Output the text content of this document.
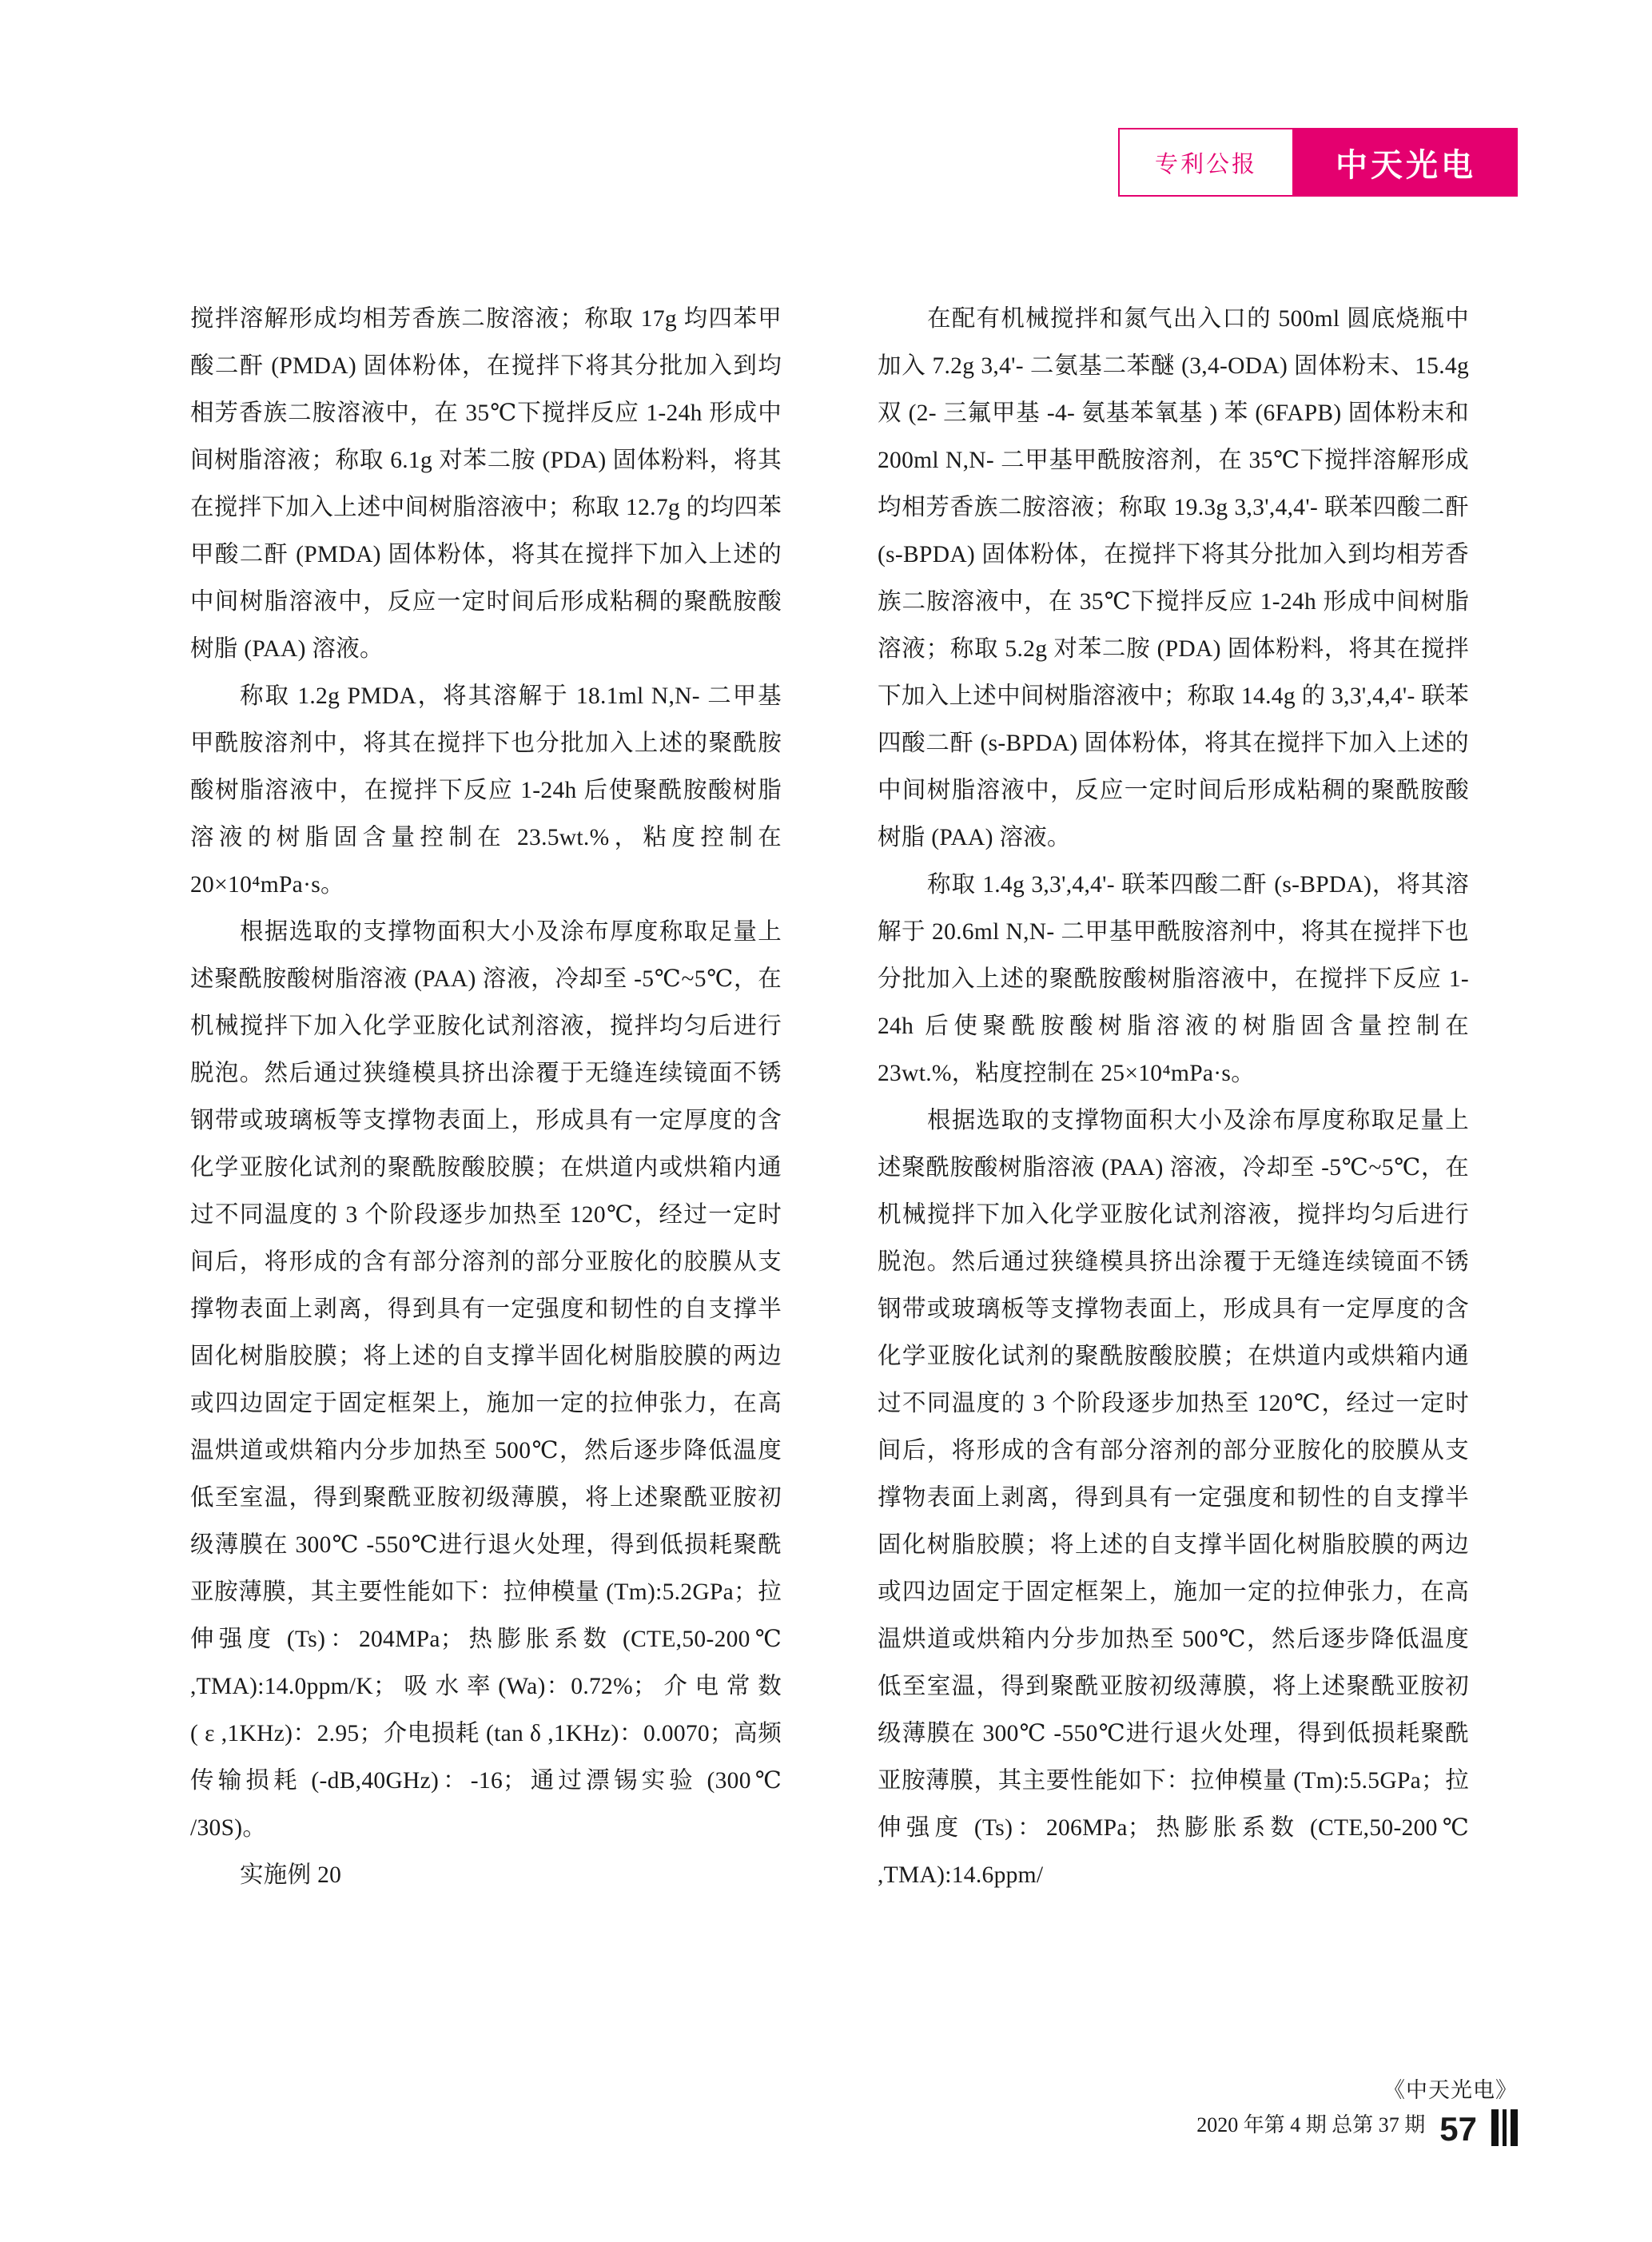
专利公报	中天光电

搅拌溶解形成均相芳香族二胺溶液；称取 17g 均四苯甲酸二酐 (PMDA) 固体粉体，在搅拌下将其分批加入到均相芳香族二胺溶液中，在 35℃下搅拌反应 1-24h 形成中间树脂溶液；称取 6.1g 对苯二胺 (PDA) 固体粉料，将其在搅拌下加入上述中间树脂溶液中；称取 12.7g 的均四苯甲酸二酐 (PMDA) 固体粉体，将其在搅拌下加入上述的中间树脂溶液中，反应一定时间后形成粘稠的聚酰胺酸树脂 (PAA) 溶液。

称取 1.2g PMDA，将其溶解于 18.1ml N,N- 二甲基甲酰胺溶剂中，将其在搅拌下也分批加入上述的聚酰胺酸树脂溶液中，在搅拌下反应 1-24h 后使聚酰胺酸树脂溶液的树脂固含量控制在 23.5wt.%，粘度控制在 20×10⁴mPa·s。

根据选取的支撑物面积大小及涂布厚度称取足量上述聚酰胺酸树脂溶液 (PAA) 溶液，冷却至 -5℃~5℃，在机械搅拌下加入化学亚胺化试剂溶液，搅拌均匀后进行脱泡。然后通过狭缝模具挤出涂覆于无缝连续镜面不锈钢带或玻璃板等支撑物表面上，形成具有一定厚度的含化学亚胺化试剂的聚酰胺酸胶膜；在烘道内或烘箱内通过不同温度的 3 个阶段逐步加热至 120℃，经过一定时间后，将形成的含有部分溶剂的部分亚胺化的胶膜从支撑物表面上剥离，得到具有一定强度和韧性的自支撑半固化树脂胶膜；将上述的自支撑半固化树脂胶膜的两边或四边固定于固定框架上，施加一定的拉伸张力，在高温烘道或烘箱内分步加热至 500℃，然后逐步降低温度低至室温，得到聚酰亚胺初级薄膜，将上述聚酰亚胺初级薄膜在 300℃ -550℃进行退火处理，得到低损耗聚酰亚胺薄膜，其主要性能如下：拉伸模量 (Tm):5.2GPa；拉伸强度 (Ts)：204MPa；热膨胀系数 (CTE,50-200℃ ,TMA):14.0ppm/K； 吸 水 率 (Wa)：0.72%； 介 电 常 数 ( ε ,1KHz)：2.95；介电损耗 (tan δ ,1KHz)：0.0070；高频传输损耗 (-dB,40GHz)：-16；通过漂锡实验 (300℃ /30S)。

实施例 20

在配有机械搅拌和氮气出入口的 500ml 圆底烧瓶中加入 7.2g 3,4'- 二氨基二苯醚 (3,4-ODA) 固体粉末、15.4g 双 (2- 三氟甲基 -4- 氨基苯氧基 ) 苯 (6FAPB) 固体粉末和 200ml N,N- 二甲基甲酰胺溶剂，在 35℃下搅拌溶解形成均相芳香族二胺溶液；称取 19.3g 3,3',4,4'- 联苯四酸二酐 (s-BPDA) 固体粉体，在搅拌下将其分批加入到均相芳香族二胺溶液中，在 35℃下搅拌反应 1-24h 形成中间树脂溶液；称取 5.2g 对苯二胺 (PDA) 固体粉料，将其在搅拌下加入上述中间树脂溶液中；称取 14.4g 的 3,3',4,4'- 联苯四酸二酐 (s-BPDA) 固体粉体，将其在搅拌下加入上述的中间树脂溶液中，反应一定时间后形成粘稠的聚酰胺酸树脂 (PAA) 溶液。

称取 1.4g 3,3',4,4'- 联苯四酸二酐 (s-BPDA)，将其溶解于 20.6ml N,N- 二甲基甲酰胺溶剂中，将其在搅拌下也分批加入上述的聚酰胺酸树脂溶液中，在搅拌下反应 1-24h 后使聚酰胺酸树脂溶液的树脂固含量控制在 23wt.%，粘度控制在 25×10⁴mPa·s。

根据选取的支撑物面积大小及涂布厚度称取足量上述聚酰胺酸树脂溶液 (PAA) 溶液，冷却至 -5℃~5℃，在机械搅拌下加入化学亚胺化试剂溶液，搅拌均匀后进行脱泡。然后通过狭缝模具挤出涂覆于无缝连续镜面不锈钢带或玻璃板等支撑物表面上，形成具有一定厚度的含化学亚胺化试剂的聚酰胺酸胶膜；在烘道内或烘箱内通过不同温度的 3 个阶段逐步加热至 120℃，经过一定时间后，将形成的含有部分溶剂的部分亚胺化的胶膜从支撑物表面上剥离，得到具有一定强度和韧性的自支撑半固化树脂胶膜；将上述的自支撑半固化树脂胶膜的两边或四边固定于固定框架上，施加一定的拉伸张力，在高温烘道或烘箱内分步加热至 500℃，然后逐步降低温度低至室温，得到聚酰亚胺初级薄膜，将上述聚酰亚胺初级薄膜在 300℃ -550℃进行退火处理，得到低损耗聚酰亚胺薄膜，其主要性能如下：拉伸模量 (Tm):5.5GPa；拉伸强度 (Ts)：206MPa；热膨胀系数 (CTE,50-200℃ ,TMA):14.6ppm/

《中天光电》
2020 年第 4 期 总第 37 期 57
